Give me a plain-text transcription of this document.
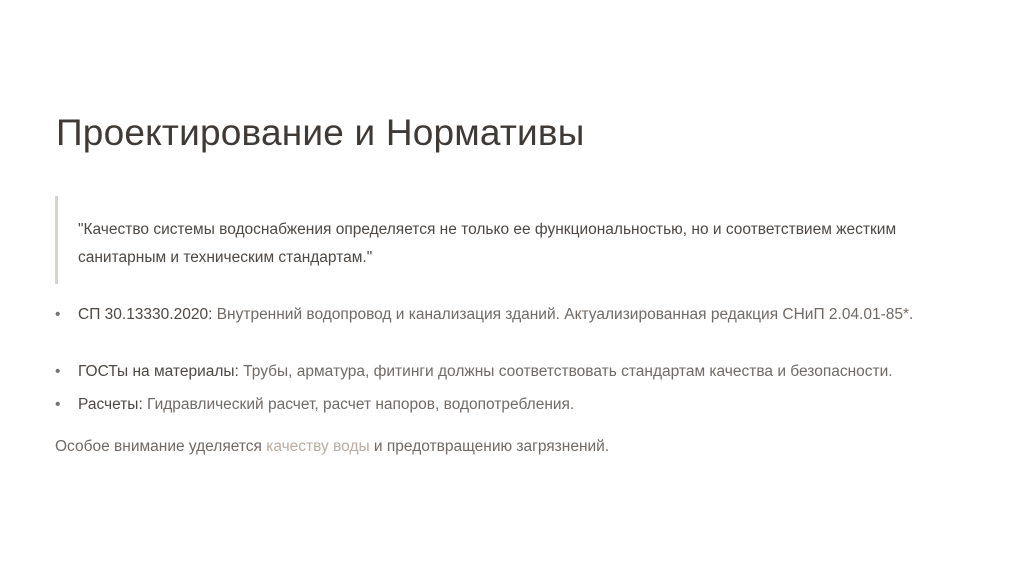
Проектирование и Нормативы
"Качество системы водоснабжения определяется не только ее функциональностью, но и соответствием жестким санитарным и техническим стандартам."
• СП 30.13330.2020: Внутренний водопровод и канализация зданий. Актуализированная редакция СНиП 2.04.01-85*.
• ГОСТы на материалы: Трубы, арматура, фитинги должны соответствовать стандартам качества и безопасности.
• Расчеты: Гидравлический расчет, расчет напоров, водопотребления.

Особое внимание уделяется качеству воды и предотвращению загрязнений.
